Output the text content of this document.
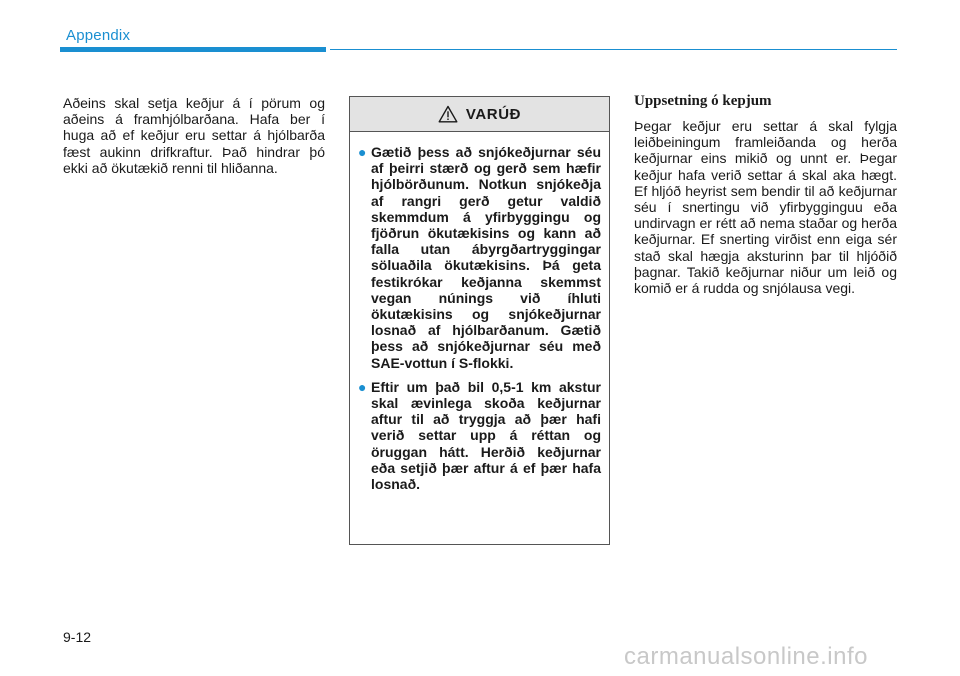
Appendix
Aðeins skal setja keðjur á í pörum og aðeins á framhjólbarðana. Hafa ber í huga að ef keðjur eru settar á hjólbarða fæst aukinn drifkraftur. Það hindrar þó ekki að ökutækið renni til hliðanna.
VARÚÐ
● Gætið þess að snjókeðjurnar séu af þeirri stærð og gerð sem hæfir hjólbörðunum. Notkun snjókeðja af rangri gerð getur valdið skemmdum á yfirbyggingu og fjöðrun ökutækisins og kann að falla utan ábyrgðartryggingar söluaðila ökutækisins. Þá geta festikrókar keðjanna skemmst vegan núnings við íhluti ökutækisins og snjókeðjurnar losnað af hjólbarðanum. Gætið þess að snjókeðjurnar séu með SAE-vottun í S-flokki.
● Eftir um það bil 0,5-1 km akstur skal ævinlega skoða keðjurnar aftur til að tryggja að þær hafi verið settar upp á réttan og öruggan hátt. Herðið keðjurnar eða setjið þær aftur á ef þær hafa losnað.
Uppsetning ó kepjum

Þegar keðjur eru settar á skal fylgja leiðbeiningum framleiðanda og herða keðjurnar eins mikið og unnt er. Þegar keðjur hafa verið settar á skal aka hægt. Ef hljóð heyrist sem bendir til að keðjurnar séu í snertingu við yfirbygginguu eða undirvagn er rétt að nema staðar og herða keðjurnar. Ef snerting virðist enn eiga sér stað skal hægja aksturinn þar til hljóðið þagnar. Takið keðjurnar niður um leið og komið er á rudda og snjólausa vegi.

9-12
carmanualsonline.info
